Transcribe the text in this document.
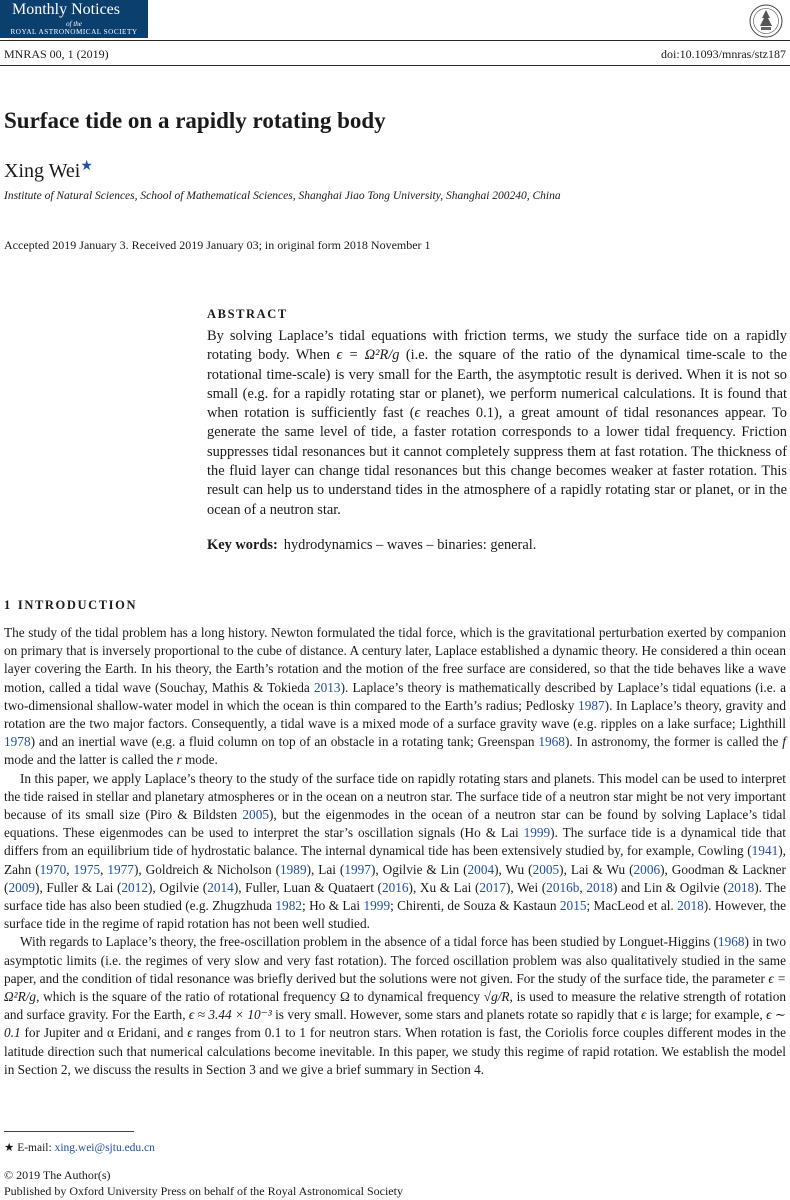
Monthly Notices
of the
ROYAL ASTRONOMICAL SOCIETY
MNRAS 00, 1 (2019)	doi:10.1093/mnras/stz187
Surface tide on a rapidly rotating body
Xing Wei★
Institute of Natural Sciences, School of Mathematical Sciences, Shanghai Jiao Tong University, Shanghai 200240, China
Accepted 2019 January 3. Received 2019 January 03; in original form 2018 November 1
ABSTRACT
By solving Laplace’s tidal equations with friction terms, we study the surface tide on a rapidly rotating body. When ϵ = Ω²R/g (i.e. the square of the ratio of the dynamical time-scale to the rotational time-scale) is very small for the Earth, the asymptotic result is derived. When it is not so small (e.g. for a rapidly rotating star or planet), we perform numerical calculations. It is found that when rotation is sufficiently fast (ϵ reaches 0.1), a great amount of tidal resonances appear. To generate the same level of tide, a faster rotation corresponds to a lower tidal frequency. Friction suppresses tidal resonances but it cannot completely suppress them at fast rotation. The thickness of the fluid layer can change tidal resonances but this change becomes weaker at faster rotation. This result can help us to understand tides in the atmosphere of a rapidly rotating star or planet, or in the ocean of a neutron star.
Key words: hydrodynamics – waves – binaries: general.
1 INTRODUCTION

The study of the tidal problem has a long history. Newton formulated the tidal force, which is the gravitational perturbation exerted by companion on primary that is inversely proportional to the cube of distance. A century later, Laplace established a dynamic theory. He considered a thin ocean layer covering the Earth. In his theory, the Earth’s rotation and the motion of the free surface are considered, so that the tide behaves like a wave motion, called a tidal wave (Souchay, Mathis & Tokieda 2013). Laplace’s theory is mathematically described by Laplace’s tidal equations (i.e. a two-dimensional shallow-water model in which the ocean is thin compared to the Earth’s radius; Pedlosky 1987). In Laplace’s theory, gravity and rotation are the two major factors. Consequently, a tidal wave is a mixed mode of a surface gravity wave (e.g. ripples on a lake surface; Lighthill 1978) and an inertial wave (e.g. a fluid column on top of an obstacle in a rotating tank; Greenspan 1968). In astronomy, the former is called the f mode and the latter is called the r mode.

In this paper, we apply Laplace’s theory to the study of the surface tide on rapidly rotating stars and planets. This model can be used to interpret the tide raised in stellar and planetary atmospheres or in the ocean on a neutron star. The surface tide of a neutron star might be not very important because of its small size (Piro & Bildsten 2005), but the eigenmodes in the ocean of a neutron star can be found by solving Laplace’s tidal equations. These eigenmodes can be used to interpret the star’s oscillation signals (Ho & Lai 1999). The surface tide is a dynamical tide that differs from an equilibrium tide of hydrostatic balance. The internal dynamical tide has been extensively studied by, for example, Cowling (1941), Zahn (1970, 1975, 1977), Goldreich & Nicholson (1989), Lai (1997), Ogilvie & Lin (2004), Wu (2005), Lai & Wu (2006), Goodman & Lackner (2009), Fuller & Lai (2012), Ogilvie (2014), Fuller, Luan & Quataert (2016), Xu & Lai (2017), Wei (2016b, 2018) and Lin & Ogilvie (2018). The surface tide has also been studied (e.g. Zhugzhuda 1982; Ho & Lai 1999; Chirenti, de Souza & Kastaun 2015; MacLeod et al. 2018). However, the surface tide in the regime of rapid rotation has not been well studied.

With regards to Laplace’s theory, the free-oscillation problem in the absence of a tidal force has been studied by Longuet-Higgins (1968) in two asymptotic limits (i.e. the regimes of very slow and very fast rotation). The forced oscillation problem was also qualitatively studied in the same paper, and the condition of tidal resonance was briefly derived but the solutions were not given. For the study of the surface tide, the parameter ϵ = Ω²R/g, which is the square of the ratio of rotational frequency Ω to dynamical frequency √g/R, is used to measure the relative strength of rotation and surface gravity. For the Earth, ϵ ≈ 3.44 × 10⁻³ is very small. However, some stars and planets rotate so rapidly that ϵ is large; for example, ϵ ∼ 0.1 for Jupiter and α Eridani, and ϵ ranges from 0.1 to 1 for neutron stars. When rotation is fast, the Coriolis force couples different modes in the latitude direction such that numerical calculations become inevitable. In this paper, we study this regime of rapid rotation. We establish the model in Section 2, we discuss the results in Section 3 and we give a brief summary in Section 4.

★ E-mail: xing.wei@sjtu.edu.cn
© 2019 The Author(s)
Published by Oxford University Press on behalf of the Royal Astronomical Society
